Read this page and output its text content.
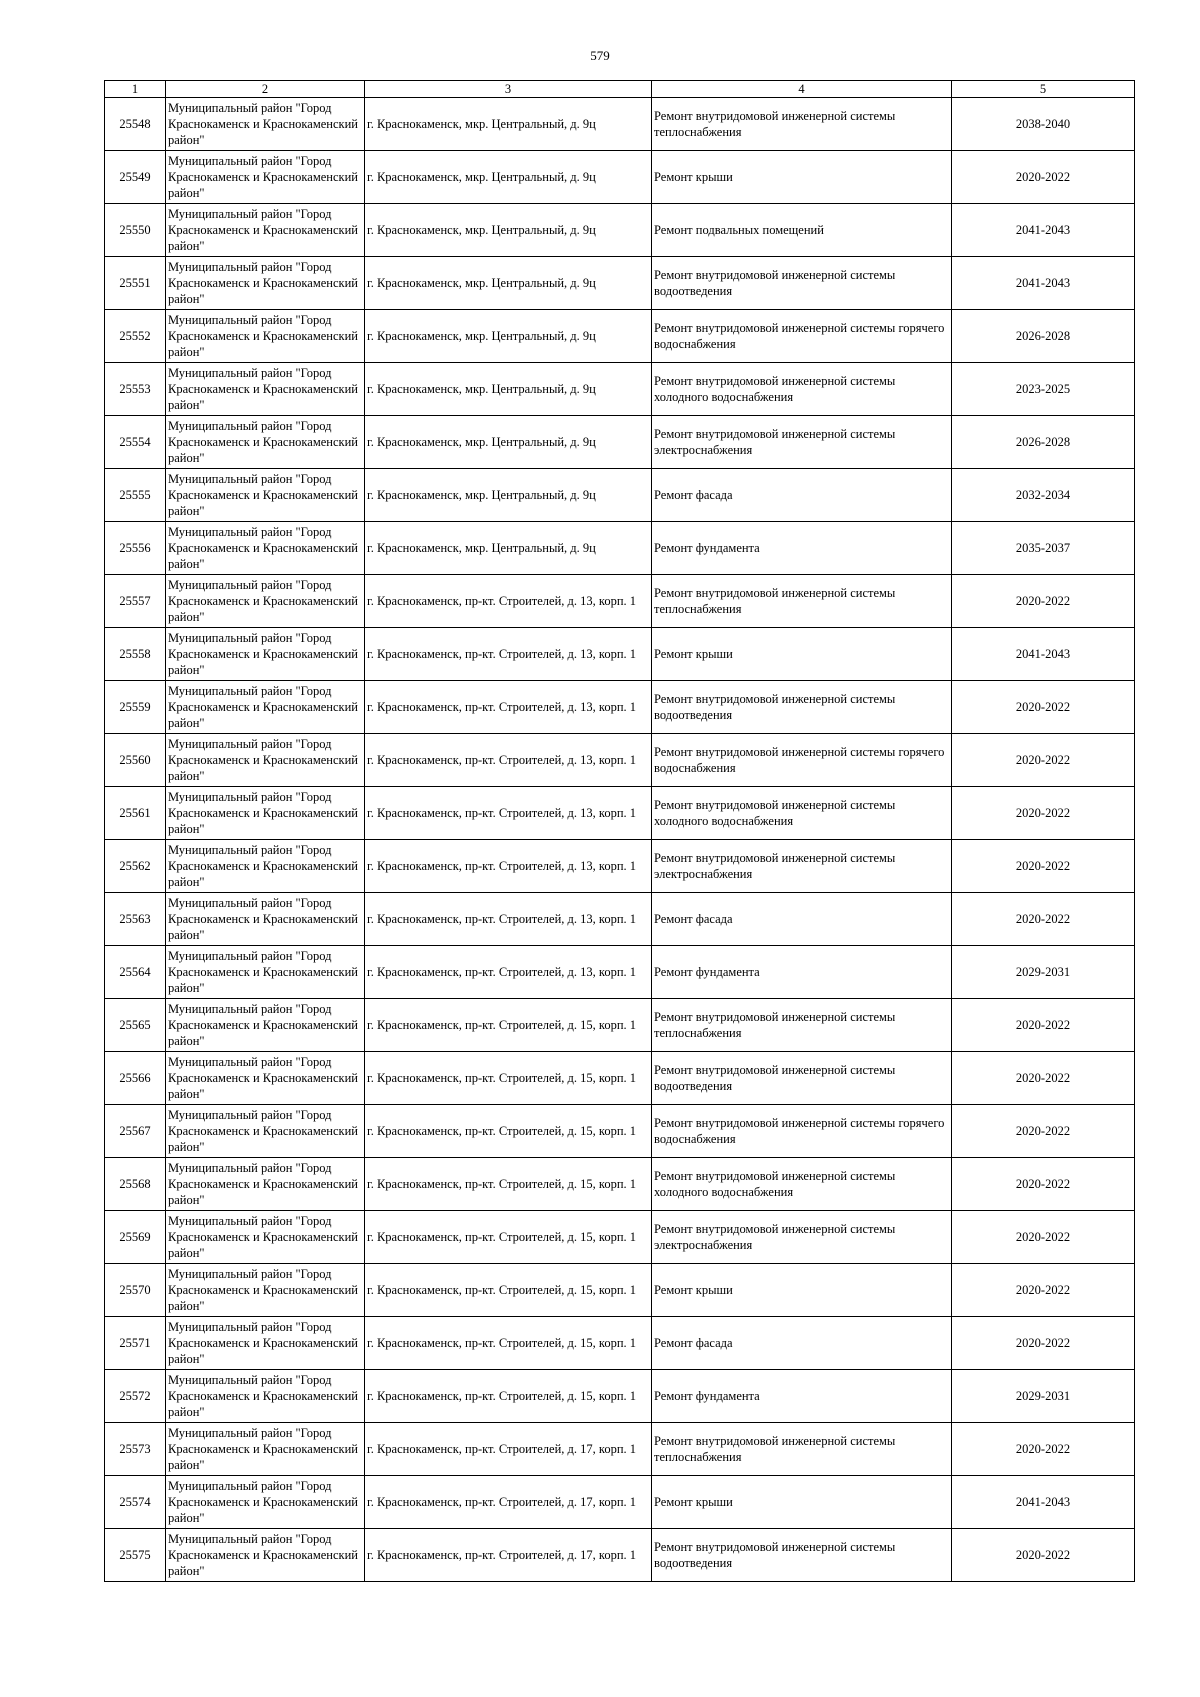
579
1	2	3	4	5
25548	Муниципальный район "Город Краснокаменск и Краснокаменский район"	г. Краснокаменск, мкр. Центральный, д. 9ц	Ремонт внутридомовой инженерной системы теплоснабжения	2038-2040
25549	Муниципальный район "Город Краснокаменск и Краснокаменский район"	г. Краснокаменск, мкр. Центральный, д. 9ц	Ремонт крыши	2020-2022
25550	Муниципальный район "Город Краснокаменск и Краснокаменский район"	г. Краснокаменск, мкр. Центральный, д. 9ц	Ремонт подвальных помещений	2041-2043
25551	Муниципальный район "Город Краснокаменск и Краснокаменский район"	г. Краснокаменск, мкр. Центральный, д. 9ц	Ремонт внутридомовой инженерной системы водоотведения	2041-2043
25552	Муниципальный район "Город Краснокаменск и Краснокаменский район"	г. Краснокаменск, мкр. Центральный, д. 9ц	Ремонт внутридомовой инженерной системы горячего водоснабжения	2026-2028
25553	Муниципальный район "Город Краснокаменск и Краснокаменский район"	г. Краснокаменск, мкр. Центральный, д. 9ц	Ремонт внутридомовой инженерной системы холодного водоснабжения	2023-2025
25554	Муниципальный район "Город Краснокаменск и Краснокаменский район"	г. Краснокаменск, мкр. Центральный, д. 9ц	Ремонт внутридомовой инженерной системы электроснабжения	2026-2028
25555	Муниципальный район "Город Краснокаменск и Краснокаменский район"	г. Краснокаменск, мкр. Центральный, д. 9ц	Ремонт фасада	2032-2034
25556	Муниципальный район "Город Краснокаменск и Краснокаменский район"	г. Краснокаменск, мкр. Центральный, д. 9ц	Ремонт фундамента	2035-2037
25557	Муниципальный район "Город Краснокаменск и Краснокаменский район"	г. Краснокаменск, пр-кт. Строителей, д. 13, корп. 1	Ремонт внутридомовой инженерной системы теплоснабжения	2020-2022
25558	Муниципальный район "Город Краснокаменск и Краснокаменский район"	г. Краснокаменск, пр-кт. Строителей, д. 13, корп. 1	Ремонт крыши	2041-2043
25559	Муниципальный район "Город Краснокаменск и Краснокаменский район"	г. Краснокаменск, пр-кт. Строителей, д. 13, корп. 1	Ремонт внутридомовой инженерной системы водоотведения	2020-2022
25560	Муниципальный район "Город Краснокаменск и Краснокаменский район"	г. Краснокаменск, пр-кт. Строителей, д. 13, корп. 1	Ремонт внутридомовой инженерной системы горячего водоснабжения	2020-2022
25561	Муниципальный район "Город Краснокаменск и Краснокаменский район"	г. Краснокаменск, пр-кт. Строителей, д. 13, корп. 1	Ремонт внутридомовой инженерной системы холодного водоснабжения	2020-2022
25562	Муниципальный район "Город Краснокаменск и Краснокаменский район"	г. Краснокаменск, пр-кт. Строителей, д. 13, корп. 1	Ремонт внутридомовой инженерной системы электроснабжения	2020-2022
25563	Муниципальный район "Город Краснокаменск и Краснокаменский район"	г. Краснокаменск, пр-кт. Строителей, д. 13, корп. 1	Ремонт фасада	2020-2022
25564	Муниципальный район "Город Краснокаменск и Краснокаменский район"	г. Краснокаменск, пр-кт. Строителей, д. 13, корп. 1	Ремонт фундамента	2029-2031
25565	Муниципальный район "Город Краснокаменск и Краснокаменский район"	г. Краснокаменск, пр-кт. Строителей, д. 15, корп. 1	Ремонт внутридомовой инженерной системы теплоснабжения	2020-2022
25566	Муниципальный район "Город Краснокаменск и Краснокаменский район"	г. Краснокаменск, пр-кт. Строителей, д. 15, корп. 1	Ремонт внутридомовой инженерной системы водоотведения	2020-2022
25567	Муниципальный район "Город Краснокаменск и Краснокаменский район"	г. Краснокаменск, пр-кт. Строителей, д. 15, корп. 1	Ремонт внутридомовой инженерной системы горячего водоснабжения	2020-2022
25568	Муниципальный район "Город Краснокаменск и Краснокаменский район"	г. Краснокаменск, пр-кт. Строителей, д. 15, корп. 1	Ремонт внутридомовой инженерной системы холодного водоснабжения	2020-2022
25569	Муниципальный район "Город Краснокаменск и Краснокаменский район"	г. Краснокаменск, пр-кт. Строителей, д. 15, корп. 1	Ремонт внутридомовой инженерной системы электроснабжения	2020-2022
25570	Муниципальный район "Город Краснокаменск и Краснокаменский район"	г. Краснокаменск, пр-кт. Строителей, д. 15, корп. 1	Ремонт крыши	2020-2022
25571	Муниципальный район "Город Краснокаменск и Краснокаменский район"	г. Краснокаменск, пр-кт. Строителей, д. 15, корп. 1	Ремонт фасада	2020-2022
25572	Муниципальный район "Город Краснокаменск и Краснокаменский район"	г. Краснокаменск, пр-кт. Строителей, д. 15, корп. 1	Ремонт фундамента	2029-2031
25573	Муниципальный район "Город Краснокаменск и Краснокаменский район"	г. Краснокаменск, пр-кт. Строителей, д. 17, корп. 1	Ремонт внутридомовой инженерной системы теплоснабжения	2020-2022
25574	Муниципальный район "Город Краснокаменск и Краснокаменский район"	г. Краснокаменск, пр-кт. Строителей, д. 17, корп. 1	Ремонт крыши	2041-2043
25575	Муниципальный район "Город Краснокаменск и Краснокаменский район"	г. Краснокаменск, пр-кт. Строителей, д. 17, корп. 1	Ремонт внутридомовой инженерной системы водоотведения	2020-2022
